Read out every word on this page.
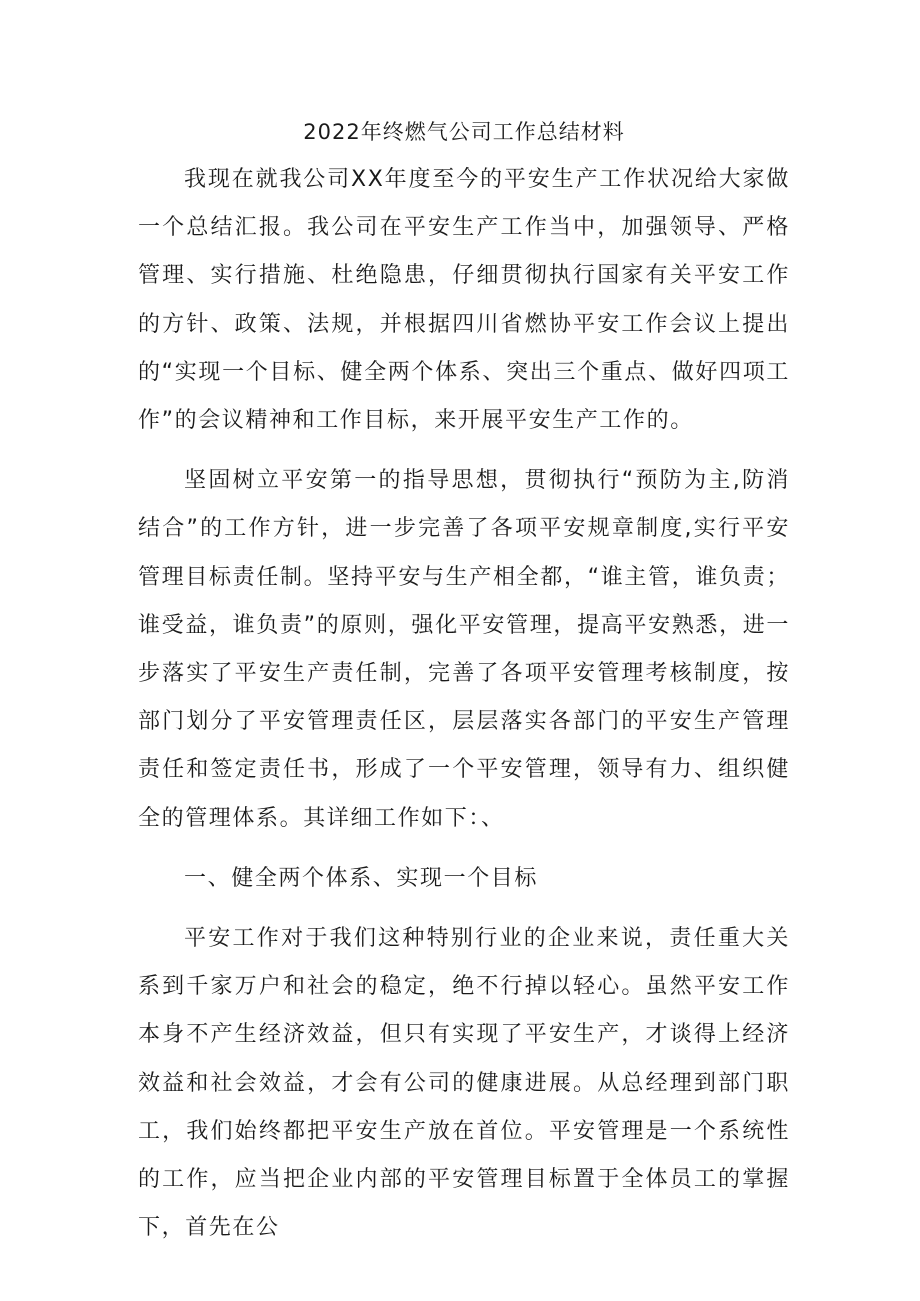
2022年终燃气公司工作总结材料

我现在就我公司XX年度至今的平安生产工作状况给大家做一个总结汇报。我公司在平安生产工作当中，加强领导、严格管理、实行措施、杜绝隐患，仔细贯彻执行国家有关平安工作的方针、政策、法规，并根据四川省燃协平安工作会议上提出的“实现一个目标、健全两个体系、突出三个重点、做好四项工作”的会议精神和工作目标，来开展平安生产工作的。

坚固树立平安第一的指导思想，贯彻执行“预防为主,防消结合”的工作方针，进一步完善了各项平安规章制度,实行平安管理目标责任制。坚持平安与生产相全都，“谁主管，谁负责；谁受益，谁负责”的原则，强化平安管理，提高平安熟悉，进一步落实了平安生产责任制，完善了各项平安管理考核制度，按部门划分了平安管理责任区，层层落实各部门的平安生产管理责任和签定责任书，形成了一个平安管理，领导有力、组织健全的管理体系。其详细工作如下：、

一、健全两个体系、实现一个目标

平安工作对于我们这种特别行业的企业来说，责任重大关系到千家万户和社会的稳定，绝不行掉以轻心。虽然平安工作本身不产生经济效益，但只有实现了平安生产，才谈得上经济效益和社会效益，才会有公司的健康进展。从总经理到部门职工，我们始终都把平安生产放在首位。平安管理是一个系统性的工作，应当把企业内部的平安管理目标置于全体员工的掌握下，首先在公
